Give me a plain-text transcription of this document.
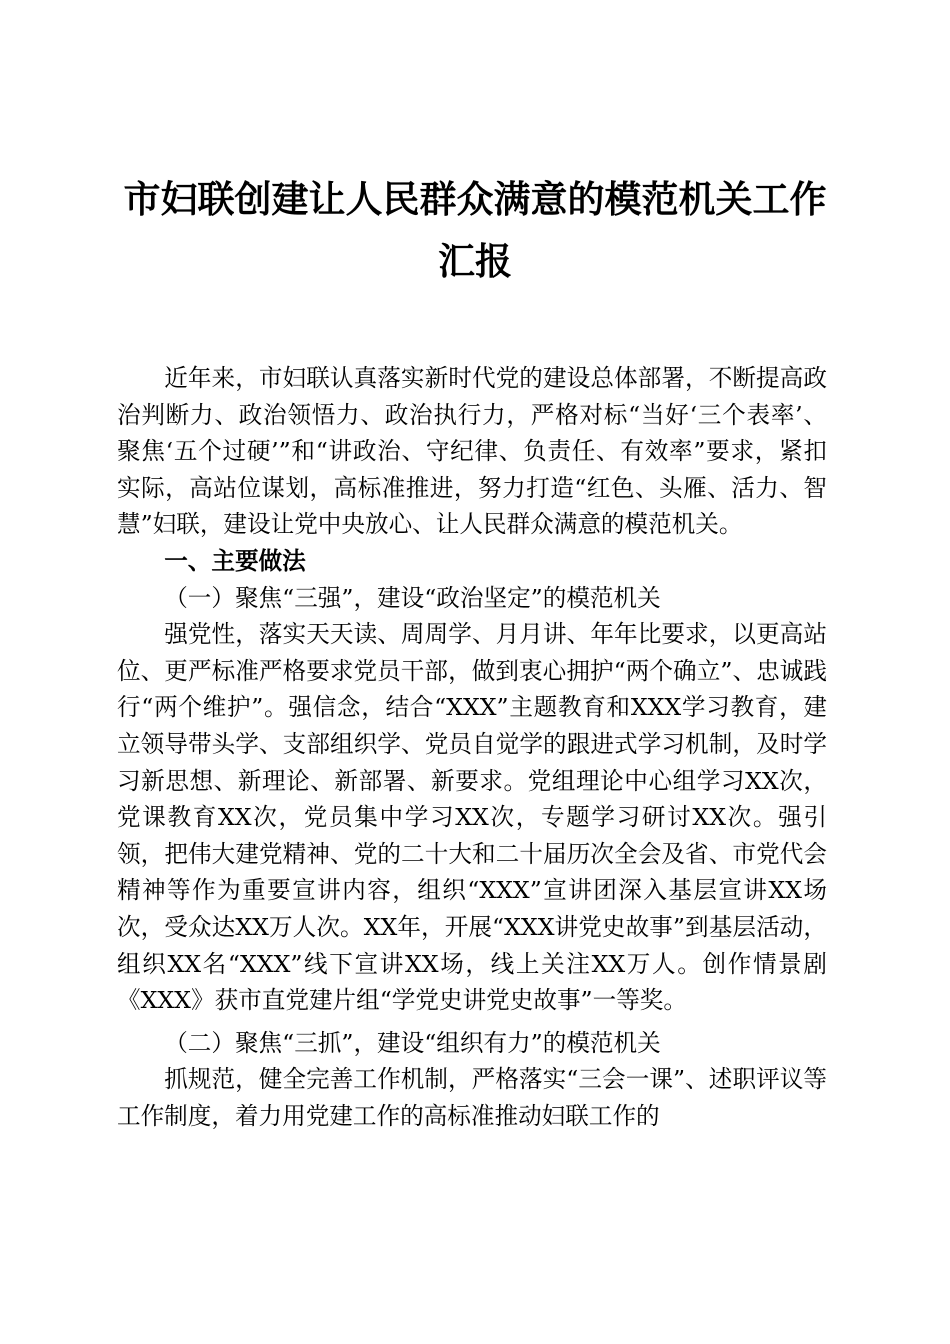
市妇联创建让人民群众满意的模范机关工作汇报

近年来，市妇联认真落实新时代党的建设总体部署，不断提高政治判断力、政治领悟力、政治执行力，严格对标“当好‘三个表率’、聚焦‘五个过硬’”和“讲政治、守纪律、负责任、有效率”要求，紧扣实际，高站位谋划，高标准推进，努力打造“红色、头雁、活力、智慧”妇联，建设让党中央放心、让人民群众满意的模范机关。

一、主要做法
（一）聚焦“三强”，建设“政治坚定”的模范机关

强党性，落实天天读、周周学、月月讲、年年比要求，以更高站位、更严标准严格要求党员干部，做到衷心拥护“两个确立”、忠诚践行“两个维护”。强信念，结合“XXX”主题教育和XXX学习教育，建立领导带头学、支部组织学、党员自觉学的跟进式学习机制，及时学习新思想、新理论、新部署、新要求。党组理论中心组学习XX次，党课教育XX次，党员集中学习XX次，专题学习研讨XX次。强引领，把伟大建党精神、党的二十大和二十届历次全会及省、市党代会精神等作为重要宣讲内容，组织“XXX”宣讲团深入基层宣讲XX场次，受众达XX万人次。XX年，开展“XXX讲党史故事”到基层活动，组织XX名“XXX”线下宣讲XX场，线上关注XX万人。创作情景剧《XXX》获市直党建片组“学党史讲党史故事”一等奖。

（二）聚焦“三抓”，建设“组织有力”的模范机关

抓规范，健全完善工作机制，严格落实“三会一课”、述职评议等工作制度，着力用党建工作的高标准推动妇联工作的
